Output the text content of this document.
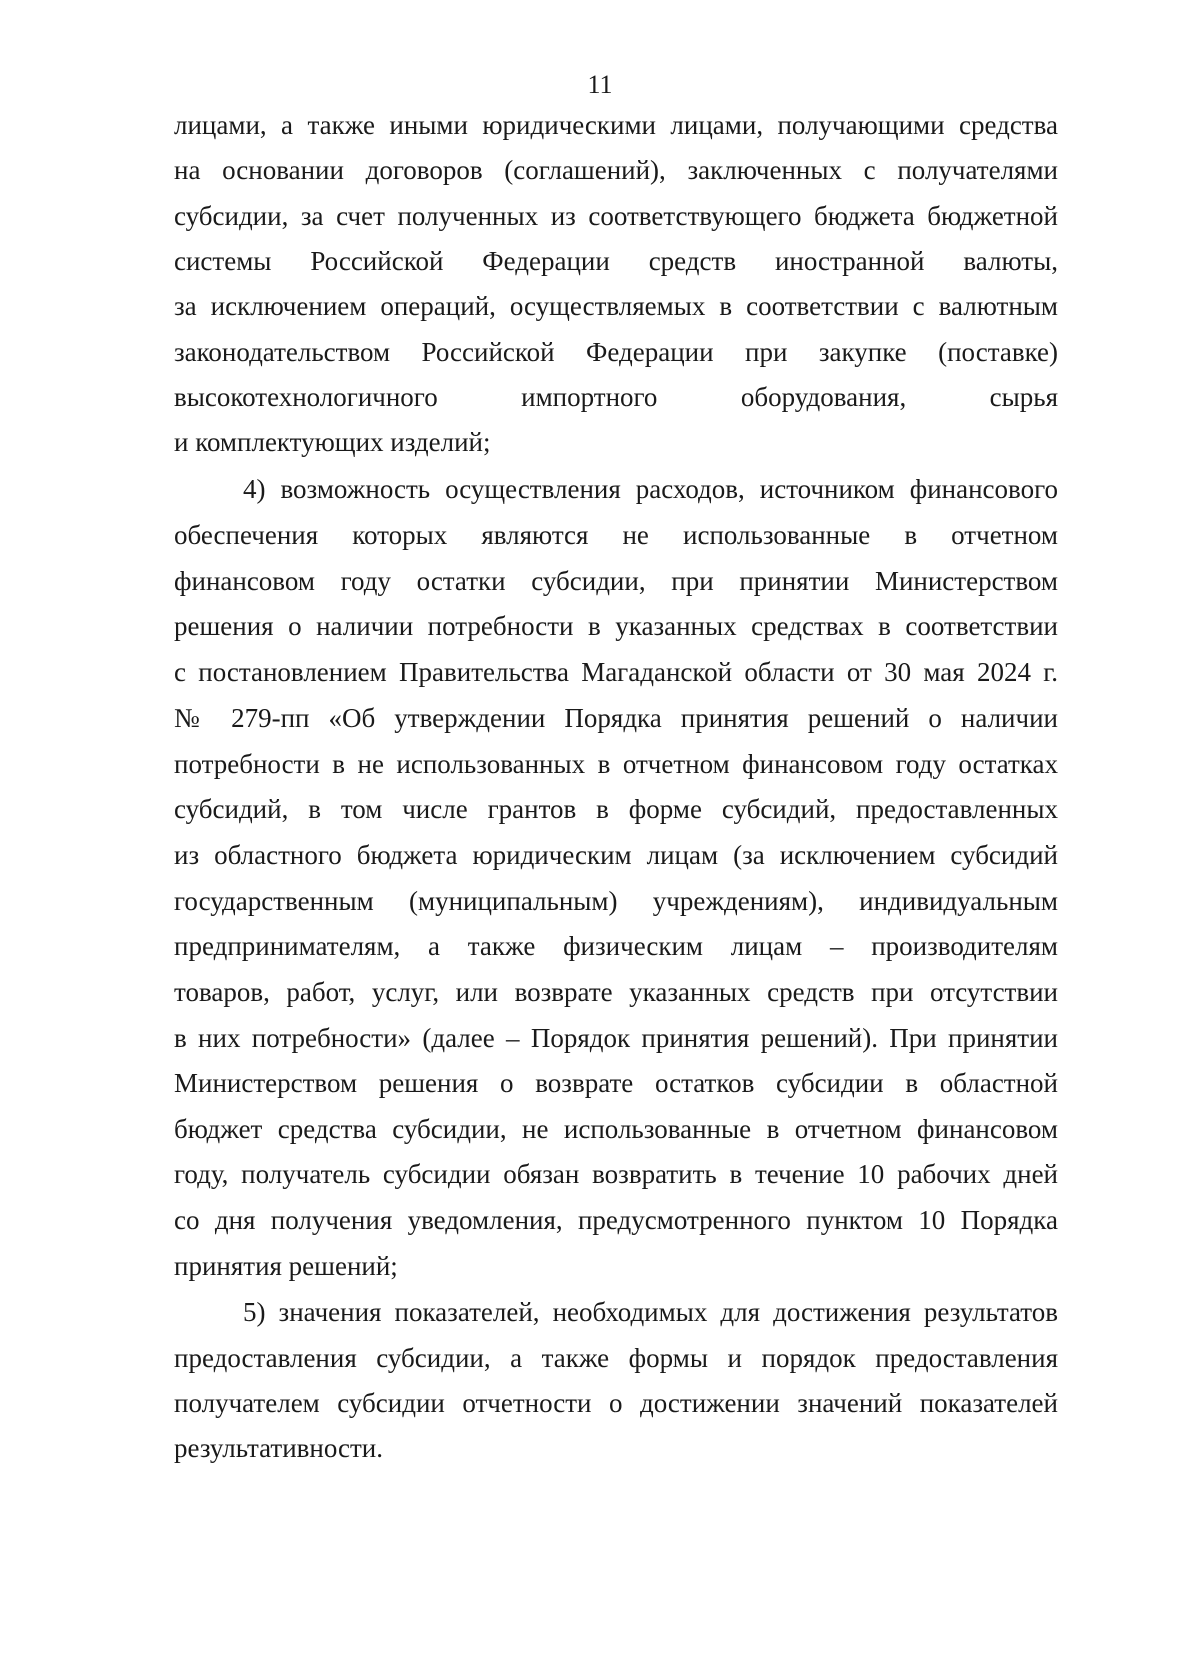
11
лицами, а также иными юридическими лицами, получающими средства
на основании договоров (соглашений), заключенных с получателями
субсидии, за счет полученных из соответствующего бюджета бюджетной
системы Российской Федерации средств иностранной валюты,
за исключением операций, осуществляемых в соответствии с валютным
законодательством Российской Федерации при закупке (поставке)
высокотехнологичного импортного оборудования, сырья
и комплектующих изделий;
4) возможность осуществления расходов, источником финансового
обеспечения которых являются не использованные в отчетном
финансовом году остатки субсидии, при принятии Министерством
решения о наличии потребности в указанных средствах в соответствии
с постановлением Правительства Магаданской области от 30 мая 2024 г.
№ 279-пп «Об утверждении Порядка принятия решений о наличии
потребности в не использованных в отчетном финансовом году остатках
субсидий, в том числе грантов в форме субсидий, предоставленных
из областного бюджета юридическим лицам (за исключением субсидий
государственным (муниципальным) учреждениям), индивидуальным
предпринимателям, а также физическим лицам – производителям
товаров, работ, услуг, или возврате указанных средств при отсутствии
в них потребности» (далее – Порядок принятия решений). При принятии
Министерством решения о возврате остатков субсидии в областной
бюджет средства субсидии, не использованные в отчетном финансовом
году, получатель субсидии обязан возвратить в течение 10 рабочих дней
со дня получения уведомления, предусмотренного пунктом 10 Порядка
принятия решений;
5) значения показателей, необходимых для достижения результатов
предоставления субсидии, а также формы и порядок предоставления
получателем субсидии отчетности о достижении значений показателей
результативности.
